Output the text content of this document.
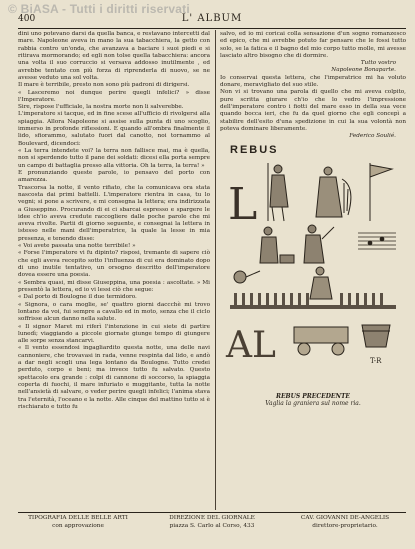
© BiASA - Tutti i diritti riservati
400	L' ALBUM

dini uno potevano darsi da quella banca, e restavano intercetti dal mare. Napoleone aveva in mano la sua tabacchiera, la getto con rabbia contro un'onda, che avanzava a baciare i suoi piedi e si ritirava mormorando; ed egli non tolse quella tabacchiera: ancora una volta il suo corruccio si versava addosso inutilmente , ed avrebbe tentato con più forza di riprenderla di nuovo, se ne avesse veduto una sol volta.

Il mare è terribile, presto non sono più padroni di dirigersi.

« Lasceremo noi dunque perire quegli infelici? » disse l'Imperatore.

Sire, rispose l'ufficiale, la nostra morte non li salverebbe.

L'imperatore si tacque, ed in fine scese all'ufficio di rivolgersi alla spiaggia. Allora Napoleone si assise sulla punta di uno scoglio, immerso in profonde riflessioni. E quando all'ombra finalmente il lido, sfiorammo, salutato fuori dal canotto, noi tornammo al Boulevard, dicendoci:

« La terra intendete voi? la terra non fallisce mai, ma è quella, non si sperdendo tutto il pane dei soldati: dicesi ella porta sempre un campo di battaglia presso alla vittoria. Oh la terra, la terra! »

E pronunziando queste parole, io pensavo del porto con amarezza.

Trascorsa la notte, il vento rifiato, che la comunicava ora stata nascosta dai primi battelli. L'imperatore rientra in casa, tu lo vegni; si pone a scrivere, e mi consegna la lettera; era indirizzata a Giuseppino. Procurando di ei ci sbarcai espresso e spargere le idee ch'io aveva credute raccogliere dalle poche parole che mi aveva rivolte. Partii di giorno seguente, e consegnai la lettera in istesso nelle mani dell'imperatrice, la quale la lesse in mia presenza, e tenendo disse:

« Voi avete passata una notte terribile! »

« Forse l'imperatore vi fu dipinto? risposi, tremante di sapere ciò che egli aveva recepito sotto l'influenza di cui era dominato dopo di uno inutile tentativo, un orsogno descritto dell'imperatore dovea essere una poesia.

« Sembra quasi, mi disse Giuseppina, una poesia : ascoltate. » Mi presentò la lettera, ed io vi lessi ciò che segue:

« Dal porto di Boulogne il due termidoro.

« Signora, o cara moglie, se' quattro giorni daccchè mi trovo lontano da voi, fui sempre a cavallo ed in moto, senza che il ciclo soffrisse alcun danno nella salute.

« Il signor Maret mi riferì l'intenzione in cui siete di partire lunedì; viaggiando a piccole giornate giunge tempo di giungere alle sorpe senza stancarvi.

« Il vento essendosi ingagliardito questa notte, una delle navi cannoniere, che trovavasi in rada, venne respinta dal lido, e andò a dar negli scogli una lega lontano da Boulogne. Tutto credei perduto, corpo e beni; ma invece tutto fu salvato. Questo spettacolo era grande : colpi di cannone di soccorso, la spiaggia coperta di fuochi, il mare infuriato e muggitante, tutta la notte nell'ansietà di salvare, o veder perire quegli infelici; l'anima stava tra l'eternità, l'oceano e la notte. Alle cinque del mattino tutto si è rischiarato e tutto fu

salvo, ed io mi coricai colla sensazione d'un sogno romanzesco ed epico, che mi avrebbe potuto far pensare che le fossi tutto solo, se la fatica e il bagno del mio corpo tutto molle, mi avesse lasciato altro bisogno che di dormire.

Tutto vostro

Napoleone Bonaparte.

Io conservai questa lettera, che l'imperatrice mi ha voluto donare, meravigliato del suo stile.

Non vi si trovano una parola di quello che mi aveva colpito, pure scritta giurare ch'io che lo vedro l'impressione dell'imperatore contro i fiotti del mare esso in della sua vece quando bocca ieri, che fu da quel giorno che egli concepì a stabilire dell'esito d'una spedizione in cui la sua volontà non poteva dominare liberamente.

Federico Soulié.

REBUS
L
AL	T-R
REBUS PRECEDENTE
Vaglia la graniera sul nome ria.
TIPOGRAFIA DELLE BELLE ARTI
con approvazione
DIREZIONE DEL GIORNALE
piazza S. Carlo al Corso, 433
CAV. GIOVANNI DE-ANGELIS
direttore-proprietario.
